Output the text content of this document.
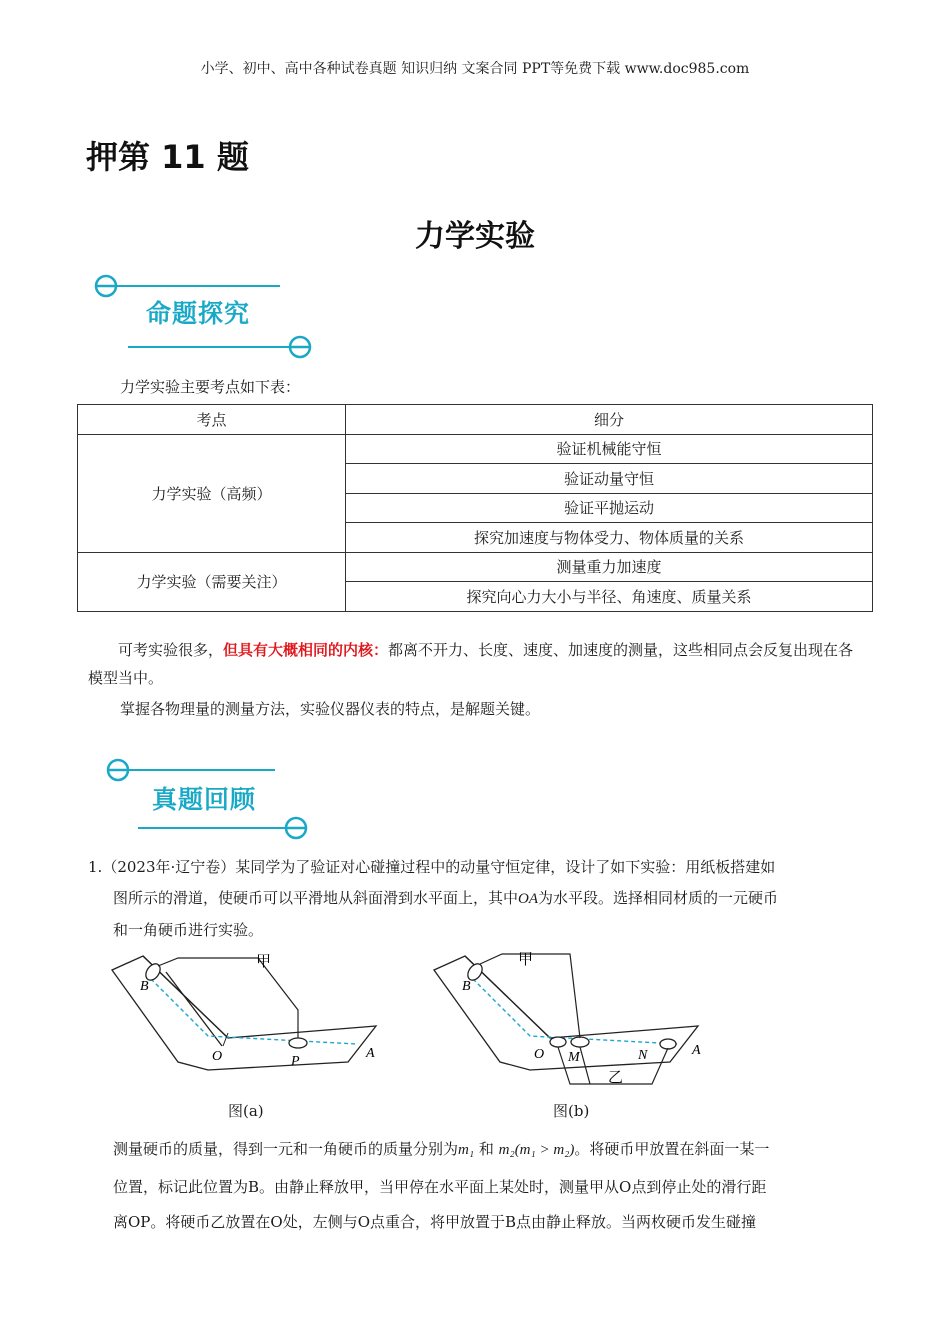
小学、初中、高中各种试卷真题 知识归纳 文案合同 PPT等免费下载 www.doc985.com
押第 11 题
力学实验
命题探究
力学实验主要考点如下表：
考点	细分
力学实验（高频）	验证机械能守恒
	验证动量守恒
	验证平抛运动
	探究加速度与物体受力、物体质量的关系
力学实验（需要关注）	测量重力加速度
	探究向心力大小与半径、角速度、质量关系
可考实验很多，但具有大概相同的内核：都离不开力、长度、速度、加速度的测量，这些相同点会反复出现在各模型当中。
掌握各物理量的测量方法，实验仪器仪表的特点，是解题关键。
真题回顾
1.（2023年·辽宁卷）某同学为了验证对心碰撞过程中的动量守恒定律，设计了如下实验：用纸板搭建如
图所示的滑道，使硬币可以平滑地从斜面滑到水平面上，其中OA为水平段。选择相同材质的一元硬币
和一角硬币进行实验。
甲
B
O	P
A
图(a)
甲
B
O M	N	A
乙
图(b)
测量硬币的质量，得到一元和一角硬币的质量分别为m₁ 和 m₂(m₁ > m₂)。将硬币甲放置在斜面一某一
位置，标记此位置为B。由静止释放甲，当甲停在水平面上某处时，测量甲从O点到停止处的滑行距
离OP。将硬币乙放置在O处，左侧与O点重合，将甲放置于B点由静止释放。当两枚硬币发生碰撞
